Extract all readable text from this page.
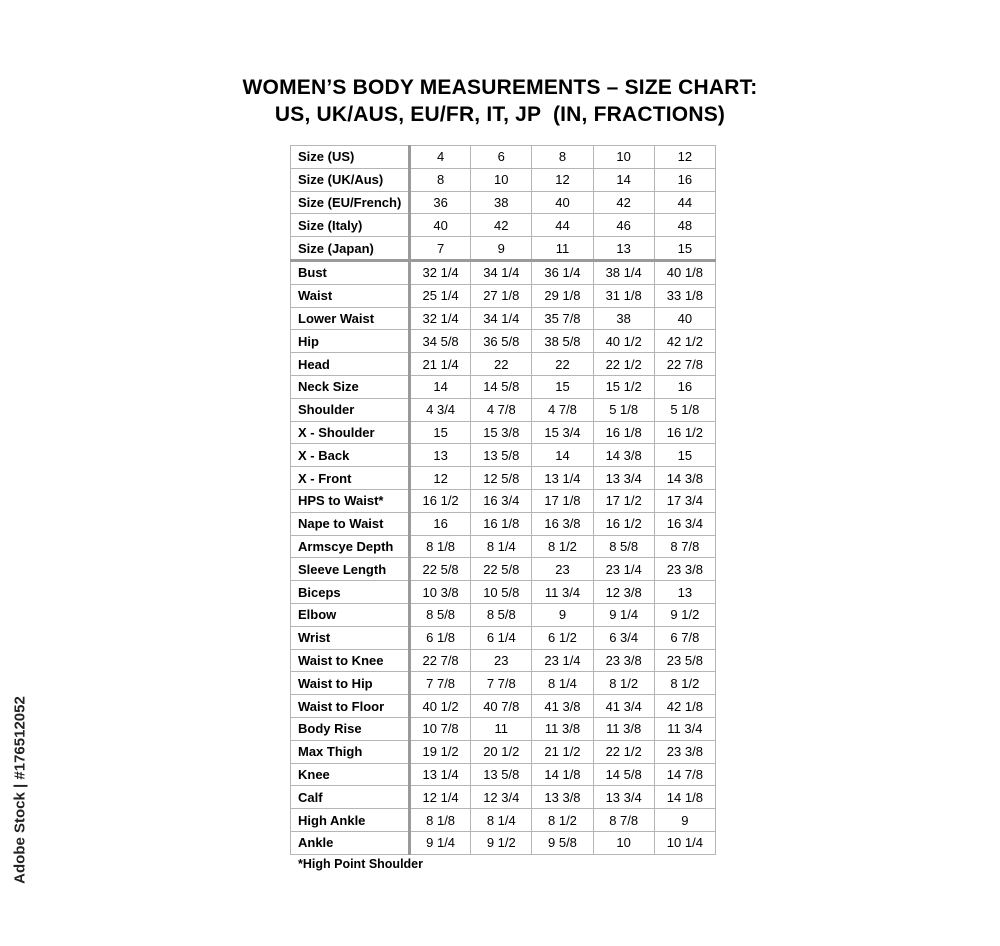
WOMEN’S BODY MEASUREMENTS – SIZE CHART:
US, UK/AUS, EU/FR, IT, JP  (IN, FRACTIONS)
Size (US)	4	6	8	10	12
Size (UK/Aus)	8	10	12	14	16
Size (EU/French)	36	38	40	42	44
Size (Italy)	40	42	44	46	48
Size (Japan)	7	9	11	13	15
Bust	32 1/4	34 1/4	36 1/4	38 1/4	40 1/8
Waist	25 1/4	27 1/8	29 1/8	31 1/8	33 1/8
Lower Waist	32 1/4	34 1/4	35 7/8	38	40
Hip	34 5/8	36 5/8	38 5/8	40 1/2	42 1/2
Head	21 1/4	22	22	22 1/2	22 7/8
Neck Size	14	14 5/8	15	15 1/2	16
Shoulder	4 3/4	4 7/8	4 7/8	5 1/8	5 1/8
X - Shoulder	15	15 3/8	15 3/4	16 1/8	16 1/2
X - Back	13	13 5/8	14	14 3/8	15
X - Front	12	12 5/8	13 1/4	13 3/4	14 3/8
HPS to Waist*	16 1/2	16 3/4	17 1/8	17 1/2	17 3/4
Nape to Waist	16	16 1/8	16 3/8	16 1/2	16 3/4
Armscye Depth	8 1/8	8 1/4	8 1/2	8 5/8	8 7/8
Sleeve Length	22 5/8	22 5/8	23	23 1/4	23 3/8
Biceps	10 3/8	10 5/8	11 3/4	12 3/8	13
Elbow	8 5/8	8 5/8	9	9 1/4	9 1/2
Wrist	6 1/8	6 1/4	6 1/2	6 3/4	6 7/8
Waist to Knee	22 7/8	23	23 1/4	23 3/8	23 5/8
Waist to Hip	7 7/8	7 7/8	8 1/4	8 1/2	8 1/2
Waist to Floor	40 1/2	40 7/8	41 3/8	41 3/4	42 1/8
Body Rise	10 7/8	11	11 3/8	11 3/8	11 3/4
Max Thigh	19 1/2	20 1/2	21 1/2	22 1/2	23 3/8
Knee	13 1/4	13 5/8	14 1/8	14 5/8	14 7/8
Calf	12 1/4	12 3/4	13 3/8	13 3/4	14 1/8
High Ankle	8 1/8	8 1/4	8 1/2	8 7/8	9
Ankle	9 1/4	9 1/2	9 5/8	10	10 1/4
*High Point Shoulder
Adobe Stock | #176512052
